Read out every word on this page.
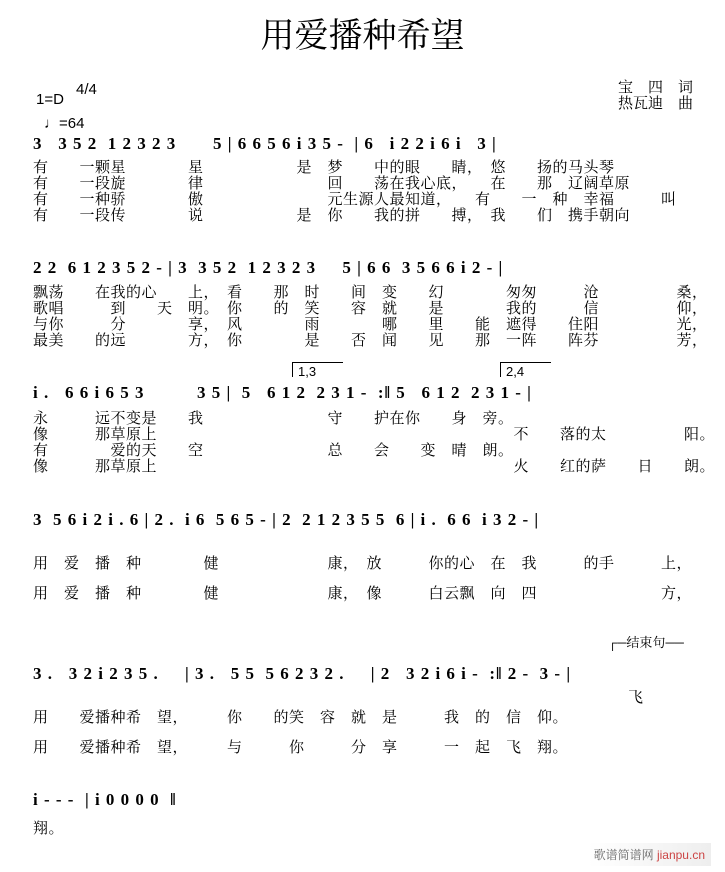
用爱播种希望
1=D
4/4
♩=64
宝　四　词
热瓦迪　曲
3   3 5 2  1 2 3 2 3       5 | 6 6 5 6 i 3 5 -  | 6   i 2 2 i 6 i   3 |
有　　一颗星　　　　星　　　　　　是　梦　　中的眼　　睛，　悠　　扬的马头琴
有　　一段旋　　　　律　　　　　　　　回　　荡在我心底，　　在　　那　辽阔草原
有　　一种骄　　　　傲　　　　　　　　元生源人最知道，　　有　　一　种　幸福　　　叫
有　　一段传　　　　说　　　　　　是　你　　我的拼　　搏，　我　　们　携手朝向
2 2  6 1 2 3 5 2 - | 3  3 5 2  1 2 3 2 3     5 | 6 6  3 5 6 6 i 2 - |
飘荡　　在我的心　　上，　看　　那　时　　间　变　　幻　　　　匆匆　　　沧　　　　　桑，
歌唱　　　到　　天　明。　你　　的　笑　　容　就　　是　　　　我的　　　信　　　　　仰，
与你　　　分　　　　享，　风　　　　雨　　　　哪　　里　　能　遮得　　住阳　　　　　光，
最美　　的远　　　　方，　你　　　　是　　否　闻　　见　　那　一阵　　阵芬　　　　　芳，
1,3	2,4
i .   6 6 i 6 5 3          3 5 |  5   6 1 2  2 3 1 -  :‖ 5   6 1 2  2 3 1 - |
永　　　远不变是　　我　　　　　　　　守　　护在你　　身　旁。
像　　　那草原上　　　　　　　　　　　　　　　　　　　　　　　不　　落的太　　　　　阳。
有　　　　爱的天　　空　　　　　　　　总　　会　　变　晴　朗。
像　　　那草原上　　　　　　　　　　　　　　　　　　　　　　　火　　红的萨　　日　　朗。
3  5 6 i 2 i . 6 | 2 .  i 6  5 6 5 - | 2  2 1 2 3 5 5  6 | i .  6 6  i 3 2 - |
用　爱　播　种　　　　健　　　　　　　康，　放　　　你的心　在　我　　　的手　　　上，
用　爱　播　种　　　　健　　　　　　　康，　像　　　白云飘　向　四　　　　　　　　方，
┌─结束句──
3 .   3 2 i 2 3 5 .     | 3 .   5 5  5 6 2 3 2 .     | 2   3 2 i 6 i -  :‖ 2 -  3 - |
飞
用　　爱播种希　望，　　　你　　的笑　容　就　是　　　我　的　信　仰。
用　　爱播种希　望，　　　与　　　你　　　分　享　　　一　起　飞　翔。
i - - -  | i 0 0 0 0  ‖
翔。
歌谱简谱网 jianpu.cn
